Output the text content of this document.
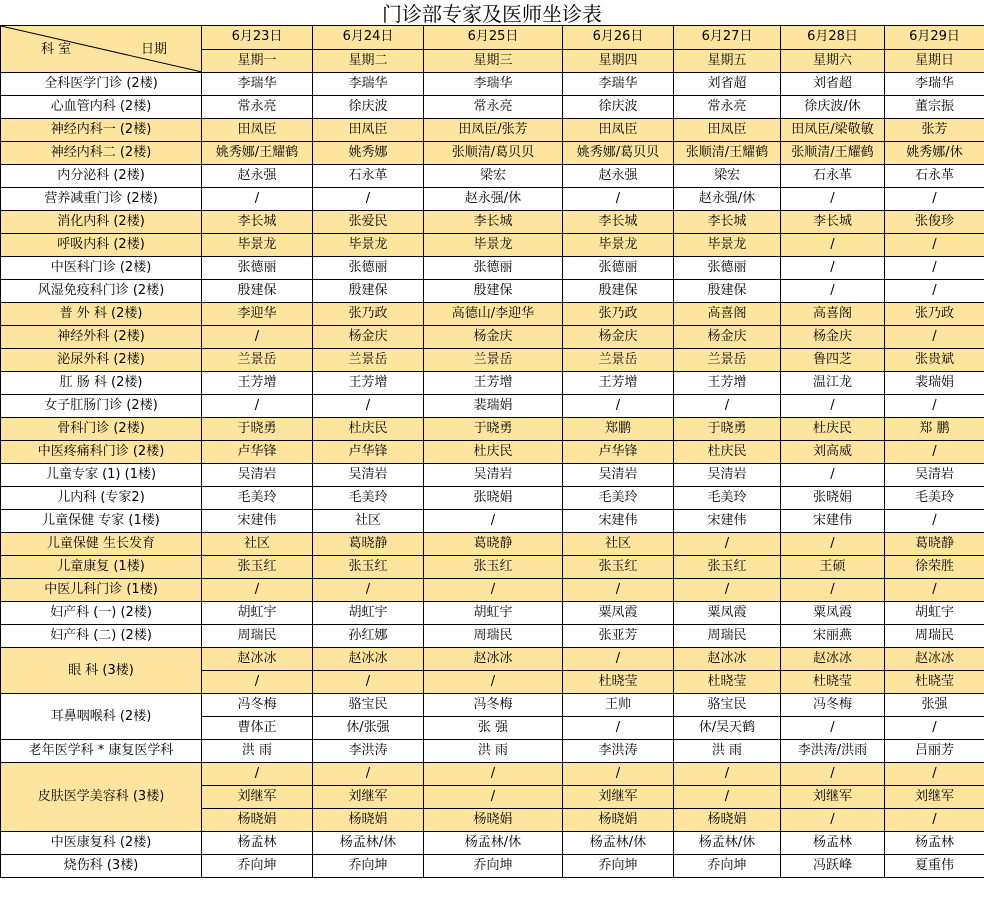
门诊部专家及医师坐诊表
科 室 日期	6月23日	6月24日	6月25日	6月26日	6月27日	6月28日	6月29日
	星期一	星期二	星期三	星期四	星期五	星期六	星期日
全科医学门诊 (2楼)	李瑞华	李瑞华	李瑞华	李瑞华	刘省超	刘省超	李瑞华
心血管内科 (2楼)	常永亮	徐庆波	常永亮	徐庆波	常永亮	徐庆波/休	董宗振
神经内科一 (2楼)	田凤臣	田凤臣	田凤臣/张芳	田凤臣	田凤臣	田凤臣/梁敬敏	张芳
神经内科二 (2楼)	姚秀娜/王耀鹤	姚秀娜	张顺清/葛贝贝	姚秀娜/葛贝贝	张顺清/王耀鹤	张顺清/王耀鹤	姚秀娜/休
内分泌科 (2楼)	赵永强	石永革	梁宏	赵永强	梁宏	石永革	石永革
营养减重门诊 (2楼)	/	/	赵永强/休	/	赵永强/休	/	/
消化内科 (2楼)	李长城	张爱民	李长城	李长城	李长城	李长城	张俊珍
呼吸内科 (2楼)	毕景龙	毕景龙	毕景龙	毕景龙	毕景龙	/	/
中医科门诊 (2楼)	张德丽	张德丽	张德丽	张德丽	张德丽	/	/
风湿免疫科门诊 (2楼)	殷建保	殷建保	殷建保	殷建保	殷建保	/	/
普 外 科 (2楼)	李迎华	张乃政	高德山/李迎华	张乃政	高喜阁	高喜阁	张乃政
神经外科 (2楼)	/	杨金庆	杨金庆	杨金庆	杨金庆	杨金庆	/
泌尿外科 (2楼)	兰景岳	兰景岳	兰景岳	兰景岳	兰景岳	鲁四芝	张贵斌
肛 肠 科 (2楼)	王芳增	王芳增	王芳增	王芳增	王芳增	温江龙	裴瑞娟
女子肛肠门诊 (2楼)	/	/	裴瑞娟	/	/	/	/
骨科门诊 (2楼)	于晓勇	杜庆民	于晓勇	郑鹏	于晓勇	杜庆民	郑 鹏
中医疼痛科门诊 (2楼)	卢华锋	卢华锋	杜庆民	卢华锋	杜庆民	刘高威	/
儿童专家 (1) (1楼)	吴清岩	吴清岩	吴清岩	吴清岩	吴清岩	/	吴清岩
儿内科 (专家2)	毛美玲	毛美玲	张晓娟	毛美玲	毛美玲	张晓娟	毛美玲
儿童保健 专家 (1楼)	宋建伟	社区	/	宋建伟	宋建伟	宋建伟	/
儿童保健 生长发育	社区	葛晓静	葛晓静	社区	/	/	葛晓静
儿童康复 (1楼)	张玉红	张玉红	张玉红	张玉红	张玉红	王硕	徐荣胜
中医儿科门诊 (1楼)	/	/	/	/	/	/	/
妇产科 (一) (2楼)	胡虹宇	胡虹宇	胡虹宇	粟凤霞	粟凤霞	粟凤霞	胡虹宇
妇产科 (二) (2楼)	周瑞民	孙红娜	周瑞民	张亚芳	周瑞民	宋丽燕	周瑞民
眼 科 (3楼)	赵冰冰	赵冰冰	赵冰冰	/	赵冰冰	赵冰冰	赵冰冰
	/	/	/	杜晓莹	杜晓莹	杜晓莹	杜晓莹
耳鼻咽喉科 (2楼)	冯冬梅	骆宝民	冯冬梅	王帅	骆宝民	冯冬梅	张强
	曹体正	休/张强	张 强	/	休/吴天鹤	/	/
老年医学科 * 康复医学科	洪 雨	李洪涛	洪 雨	李洪涛	洪 雨	李洪涛/洪雨	吕丽芳
皮肤医学美容科 (3楼)	/	/	/	/	/	/	/
	刘继军	刘继军	/	刘继军	/	刘继军	刘继军
	杨晓娟	杨晓娟	杨晓娟	杨晓娟	杨晓娟	/	/
中医康复科 (2楼)	杨孟林	杨孟林/休	杨孟林/休	杨孟林/休	杨孟林/休	杨孟林	杨孟林
烧伤科 (3楼)	乔向坤	乔向坤	乔向坤	乔向坤	乔向坤	冯跃峰	夏重伟
